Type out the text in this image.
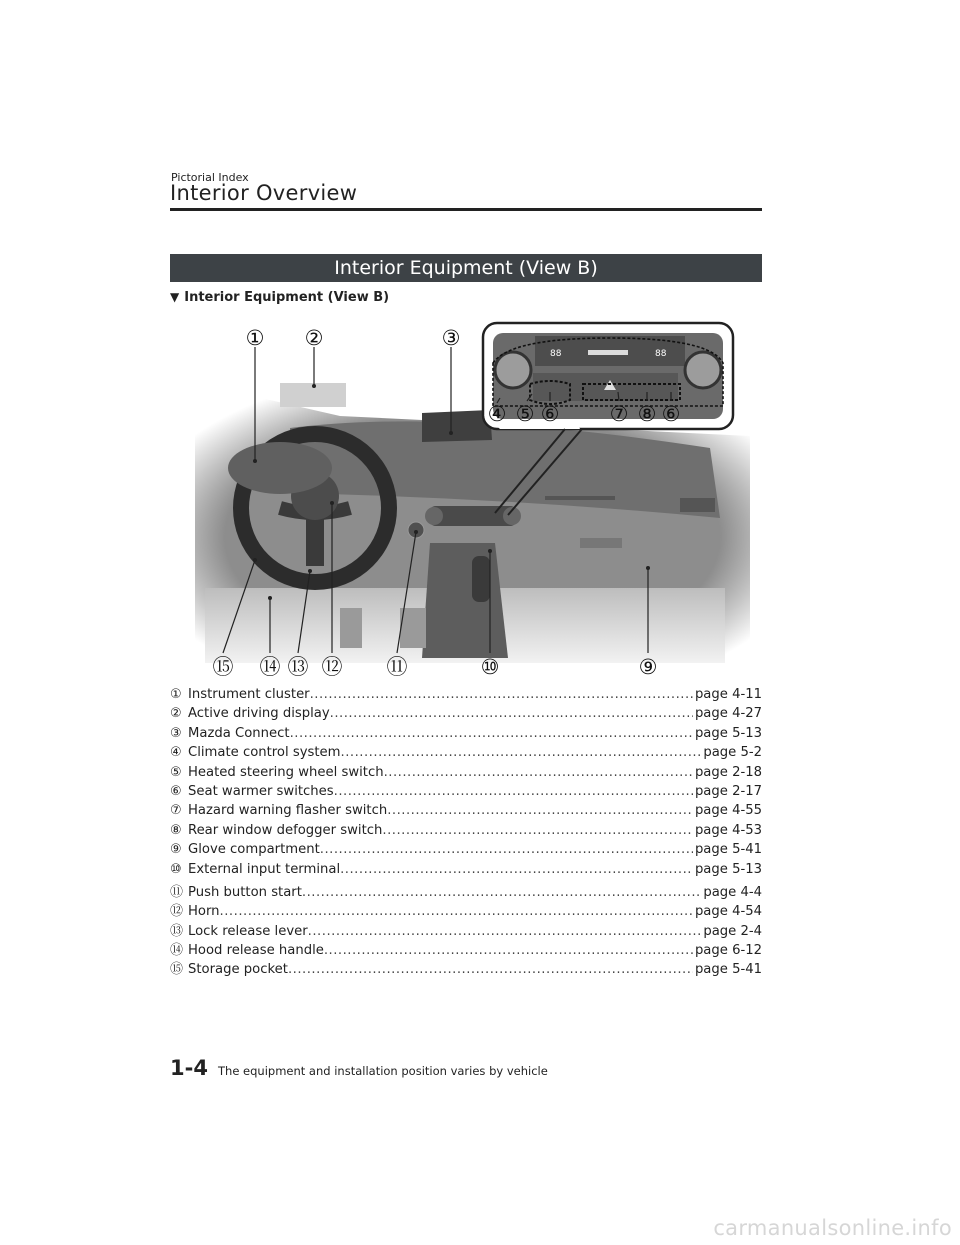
Pictorial Index
Interior Overview
Interior Equipment (View B)
▼ Interior Equipment (View B)
88	88
① ②	③
④ ⑤ ⑥ ⑦ ⑧ ⑥
⑮ ⑭ ⑬ ⑫ ⑪	⑩	⑨
① Instrument cluster .....	page 4-11
② Active driving display .....	page 4-27
③ Mazda Connect .....	page 5-13
④ Climate control system .....	page 5-2
⑤ Heated steering wheel switch .....	page 2-18
⑥ Seat warmer switches .....	page 2-17
⑦ Hazard warning flasher switch .....	page 4-55
⑧ Rear window defogger switch .....	page 4-53
⑨ Glove compartment .....	page 5-41
⑩ External input terminal .....	page 5-13
⑪ Push button start .....	page 4-4
⑫ Horn .....	page 4-54
⑬ Lock release lever .....	page 2-4
⑭ Hood release handle .....	page 6-12
⑮ Storage pocket .....	page 5-41
1-4 The equipment and installation position varies by vehicle
carmanualsonline.info
